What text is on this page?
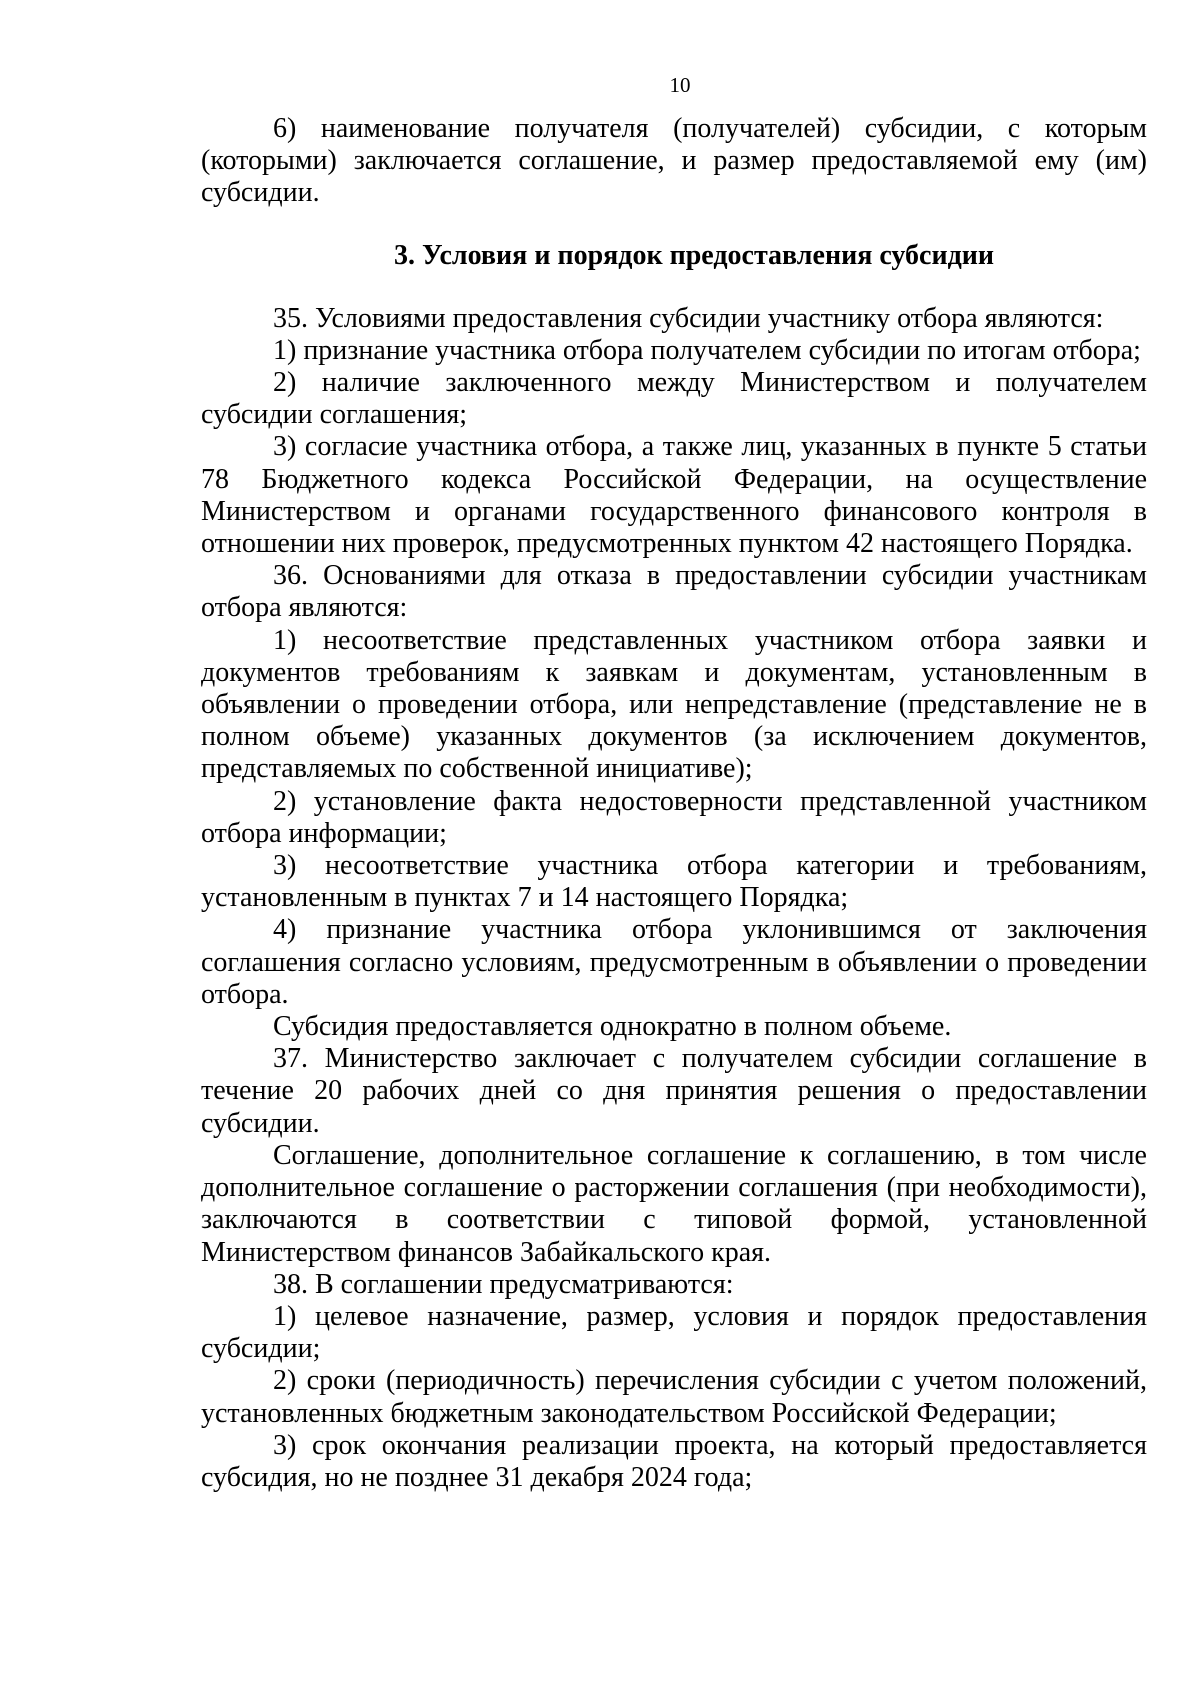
10

6) наименование получателя (получателей) субсидии, с которым (которыми) заключается соглашение, и размер предоставляемой ему (им) субсидии.

3. Условия и порядок предоставления субсидии

35. Условиями предоставления субсидии участнику отбора являются:

1) признание участника отбора получателем субсидии по итогам отбора;

2) наличие заключенного между Министерством и получателем субсидии соглашения;

3) согласие участника отбора, а также лиц, указанных в пункте 5 статьи 78 Бюджетного кодекса Российской Федерации, на осуществление Министерством и органами государственного финансового контроля в отношении них проверок, предусмотренных пунктом 42 настоящего Порядка.

36. Основаниями для отказа в предоставлении субсидии участникам отбора являются:

1) несоответствие представленных участником отбора заявки и документов требованиям к заявкам и документам, установленным в объявлении о проведении отбора, или непредставление (представление не в полном объеме) указанных документов (за исключением документов, представляемых по собственной инициативе);

2) установление факта недостоверности представленной участником отбора информации;

3) несоответствие участника отбора категории и требованиям, установленным в пунктах 7 и 14 настоящего Порядка;

4) признание участника отбора уклонившимся от заключения соглашения согласно условиям, предусмотренным в объявлении о проведении отбора.

Субсидия предоставляется однократно в полном объеме.

37. Министерство заключает с получателем субсидии соглашение в течение 20 рабочих дней со дня принятия решения о предоставлении субсидии.

Соглашение, дополнительное соглашение к соглашению, в том числе дополнительное соглашение о расторжении соглашения (при необходимости), заключаются в соответствии с типовой формой, установленной Министерством финансов Забайкальского края.

38. В соглашении предусматриваются:

1) целевое назначение, размер, условия и порядок предоставления субсидии;

2) сроки (периодичность) перечисления субсидии с учетом положений, установленных бюджетным законодательством Российской Федерации;

3) срок окончания реализации проекта, на который предоставляется субсидия, но не позднее 31 декабря 2024 года;
